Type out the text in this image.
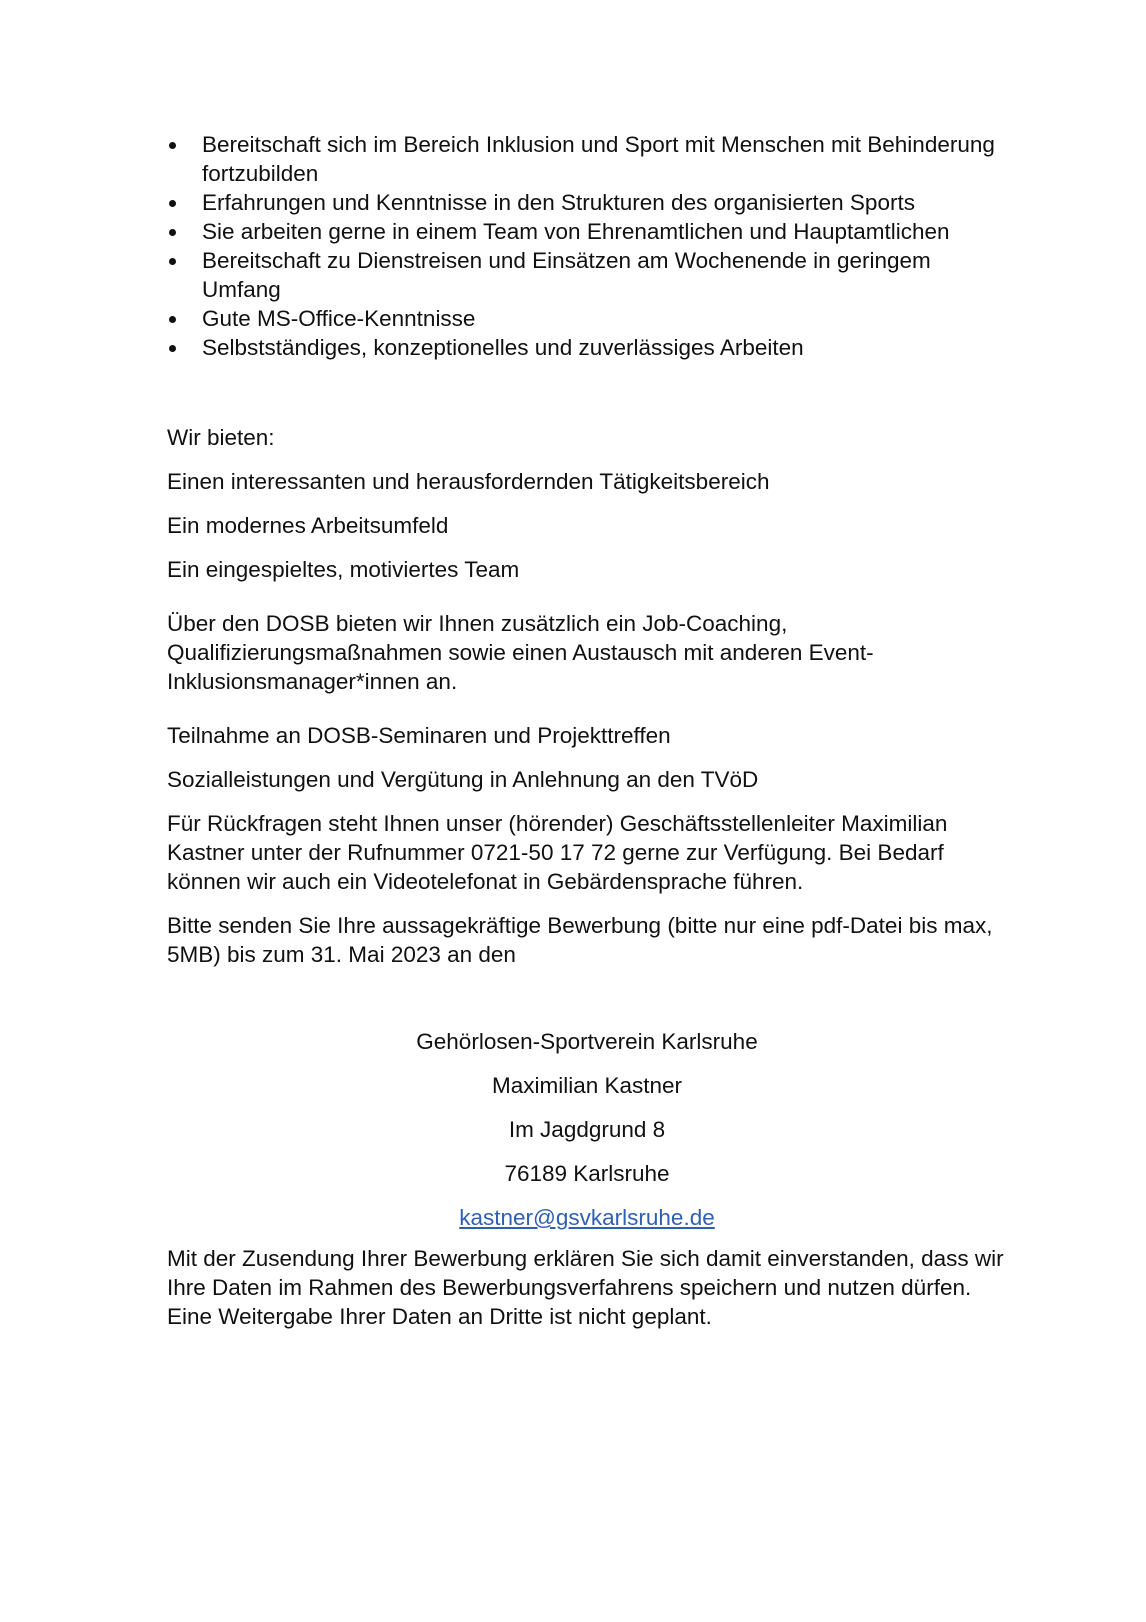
Bereitschaft sich im Bereich Inklusion und Sport mit Menschen mit Behinderung fortzubilden
Erfahrungen und Kenntnisse in den Strukturen des organisierten Sports
Sie arbeiten gerne in einem Team von Ehrenamtlichen und Hauptamtlichen
Bereitschaft zu Dienstreisen und Einsätzen am Wochenende in geringem Umfang
Gute MS-Office-Kenntnisse
Selbstständiges, konzeptionelles und zuverlässiges Arbeiten

Wir bieten:

Einen interessanten und herausfordernden Tätigkeitsbereich

Ein modernes Arbeitsumfeld

Ein eingespieltes, motiviertes Team

Über den DOSB bieten wir Ihnen zusätzlich ein Job-Coaching, Qualifizierungsmaßnahmen sowie einen Austausch mit anderen Event-Inklusionsmanager*innen an.

Teilnahme an DOSB-Seminaren und Projekttreffen

Sozialleistungen und Vergütung in Anlehnung an den TVöD

Für Rückfragen steht Ihnen unser (hörender) Geschäftsstellenleiter Maximilian Kastner unter der Rufnummer 0721-50 17 72 gerne zur Verfügung. Bei Bedarf können wir auch ein Videotelefonat in Gebärdensprache führen.

Bitte senden Sie Ihre aussagekräftige Bewerbung (bitte nur eine pdf-Datei bis max, 5MB) bis zum 31. Mai 2023 an den

Gehörlosen-Sportverein Karlsruhe

Maximilian Kastner

Im Jagdgrund 8

76189 Karlsruhe

kastner@gsvkarlsruhe.de

Mit der Zusendung Ihrer Bewerbung erklären Sie sich damit einverstanden, dass wir Ihre Daten im Rahmen des Bewerbungsverfahrens speichern und nutzen dürfen. Eine Weitergabe Ihrer Daten an Dritte ist nicht geplant.
